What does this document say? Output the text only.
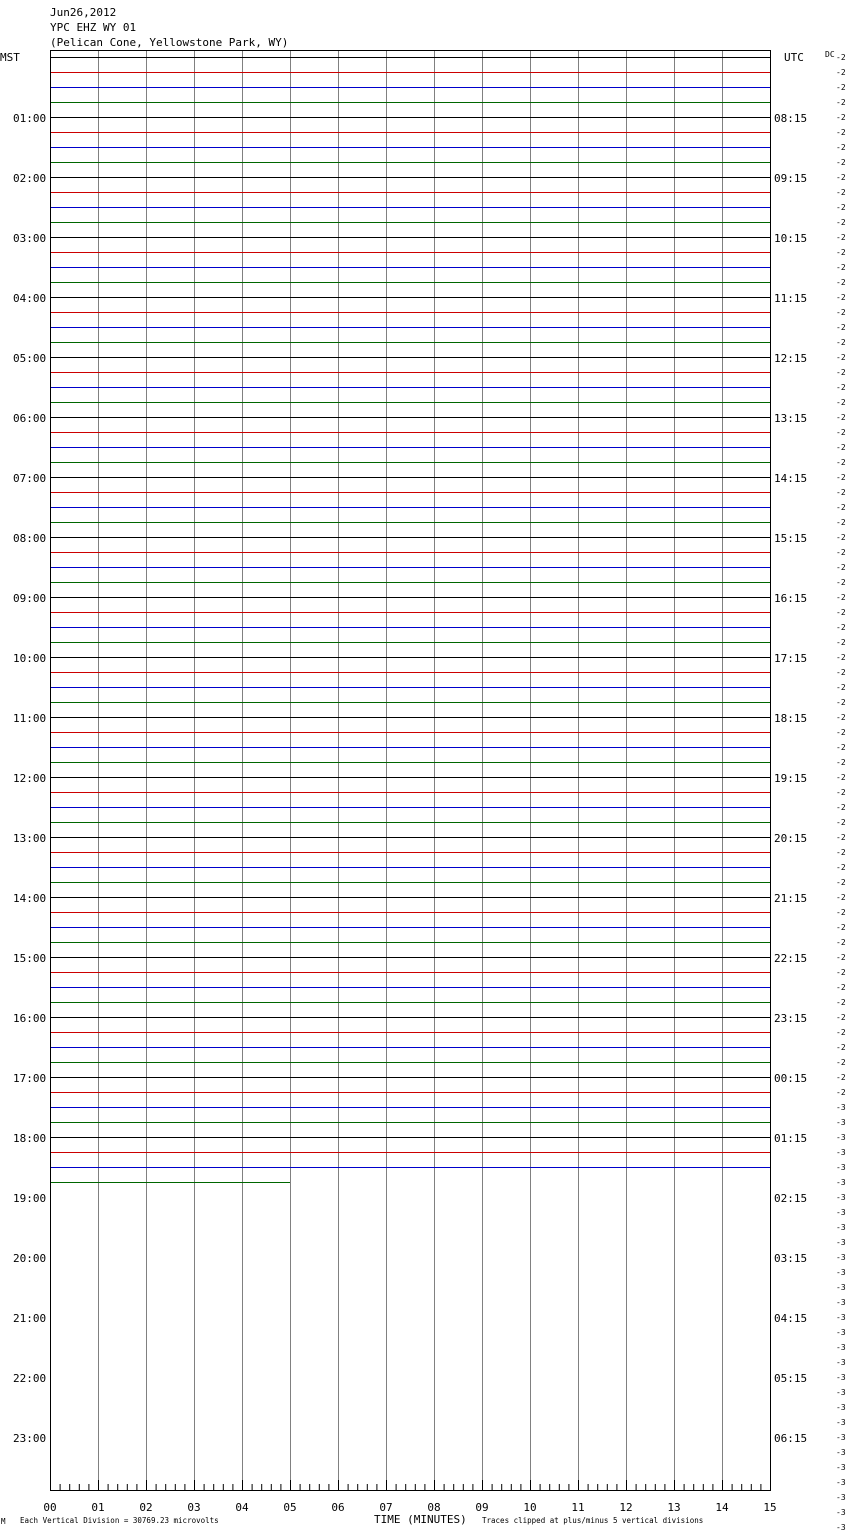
Jun26,2012
YPC EHZ WY 01
(Pelican Cone, Yellowstone Park, WY)
MST	UTC	DC
01:00
02:00
03:00
04:00
05:00
06:00
07:00
08:00
09:00
10:00
11:00
12:00
13:00
14:00
15:00
16:00
17:00
18:00
19:00
20:00
21:00
22:00
23:00
08:15
09:15
10:15
11:15
12:15
13:15
14:15
15:15
16:15
17:15
18:15
19:15
20:15
21:15
22:15
23:15
00:15
01:15
02:15
03:15
04:15
05:15
06:15
-2
-2
-2
-2
-2
-2
-2
-2
-2
-2
-2
-2
-2
-2
-2
-2
-2
-2
-2
-2
-2
-2
-2
-2
-2
-2
-2
-2
-2
-2
-2
-2
-2
-2
-2
-2
-2
-2
-2
-2
-2
-2
-2
-2
-2
-2
-2
-2
-2
-2
-2
-2
-2
-2
-2
-2
-2
-2
-2
-2
-2
-2
-2
-2
-2
-2
-2
-2
-2
-2
-3
-3
-3
-3
-3
-3
-3
-3
-3
-3
-3
-3
-3
-3
-3
-3
-3
-3
-3
-3
-3
-3
-3
-3
-3
-3
-3
-3
-3
00	01	02	03	04	05	06	07	08	09	10	11	12	13	14	15
M Each Vertical Division = 30769.23 microvolts	TIME (MINUTES) Traces clipped at plus/minus 5 vertical divisions
